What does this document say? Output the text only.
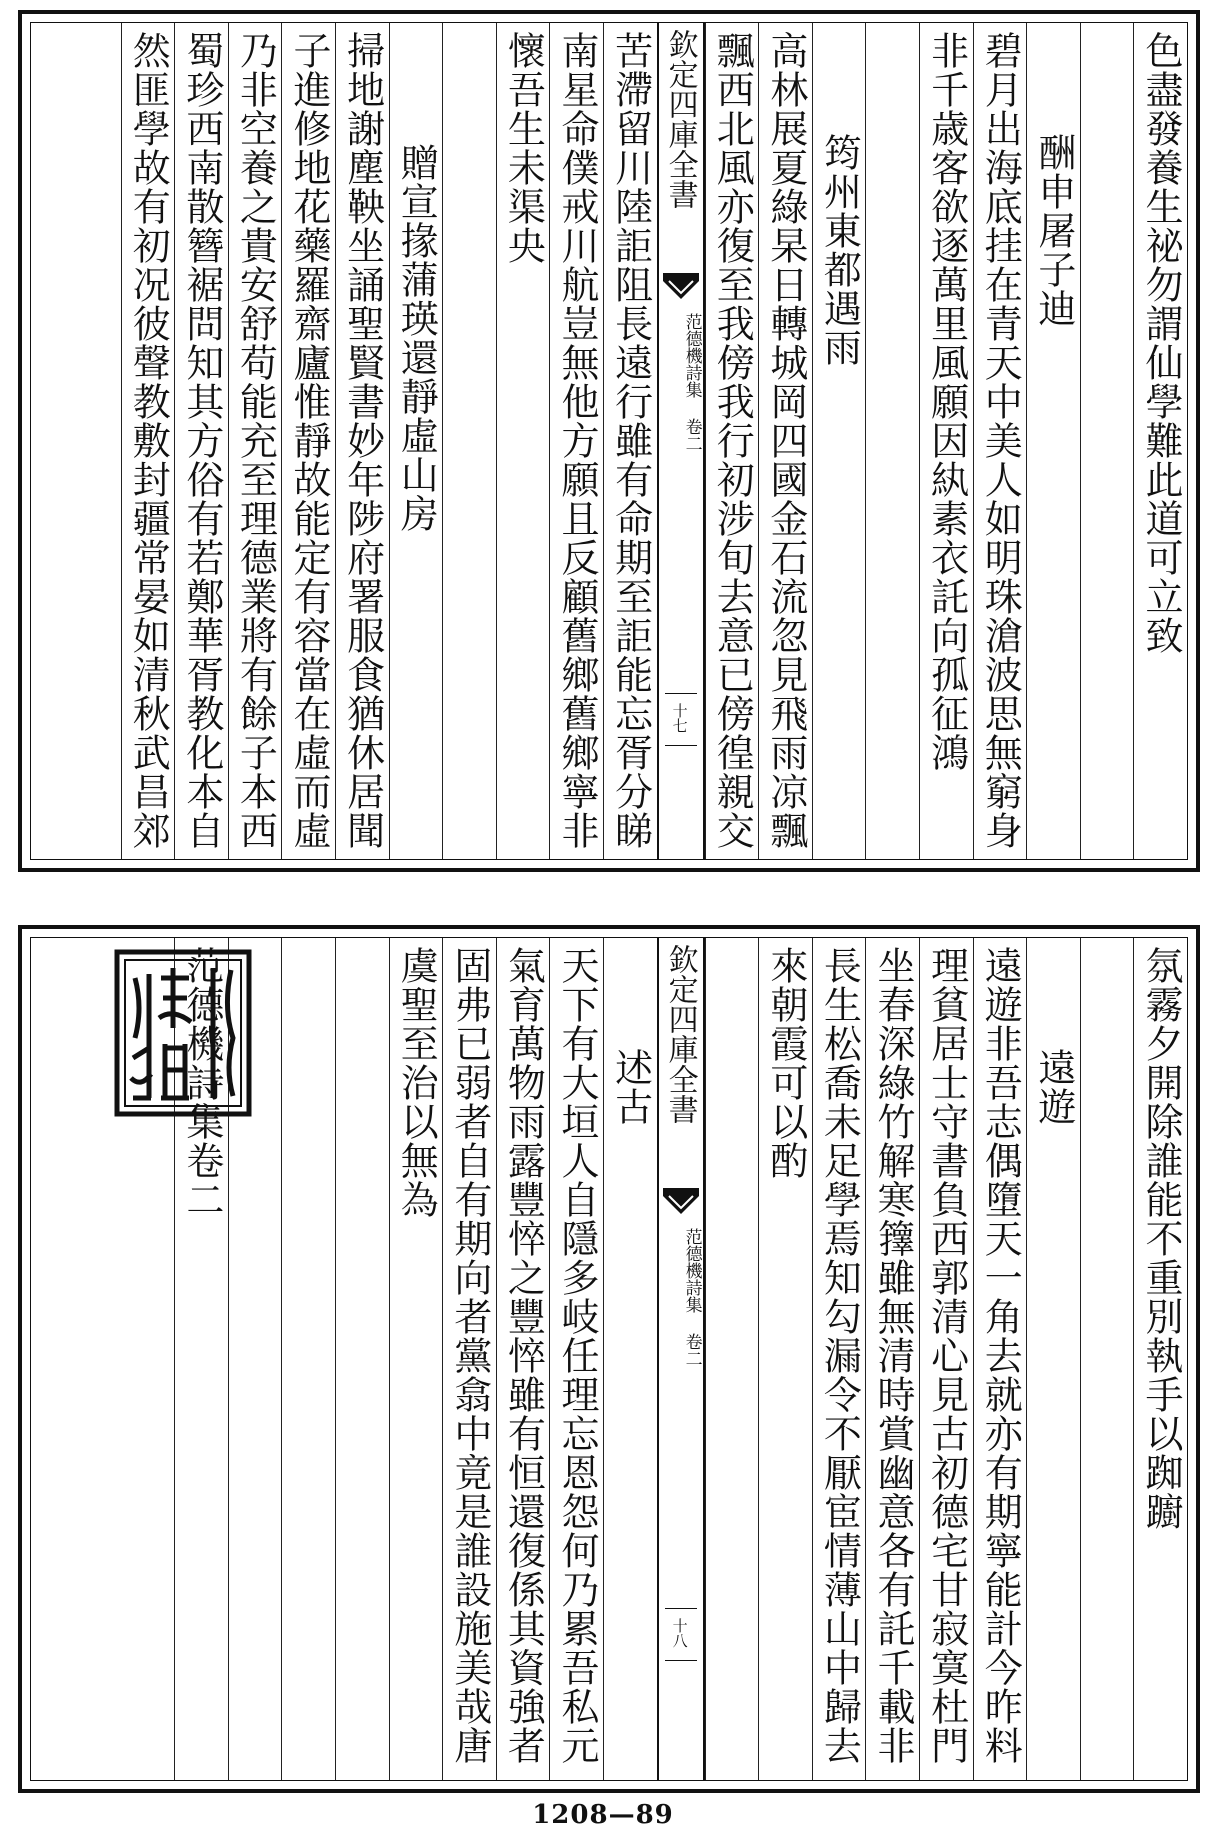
色盡發養生祕勿謂仙學難此道可立致
酬申屠子迪
碧月出海底挂在青天中美人如明珠滄波思無窮身
非千歳客欲逐萬里風願因紈素衣託向孤征鴻
筠州東都遇雨
高林展夏綠杲日轉城岡四國金石流忽見飛雨凉飄
飄西北風亦復至我傍我行初涉旬去意已傍徨親交
苦滯留川陸詎阻長遠行雖有命期至詎能忘胥分睇
南星命僕戒川航豈無他方願且反顧舊鄉舊鄉寧非
懷吾生未渠央
贈宣掾蒲瑛還靜虛山房
掃地謝塵鞅坐誦聖賢書妙年陟府署服食猶休居聞
子進修地花藥羅齋廬惟靜故能定有容當在虛而虛
乃非空養之貴安舒苟能充至理德業將有餘子本西
蜀珍西南散簪裾問知其方俗有若鄭華胥教化本自
然匪學故有初况彼聲教敷封疆常晏如清秋武昌郊	欽定四庫全書
范德機詩集 卷二
十七
氛霧夕開除誰能不重別執手以踟躕
遠遊
遠遊非吾志偶墮天一角去就亦有期寧能計今昨料
理貧居士守書負西郭清心見古初德宅甘寂寞杜門
坐春深綠竹解寒籜雖無清時賞幽意各有託千載非
長生松喬未足學焉知勾漏令不厭宦情薄山中歸去
來朝霞可以酌
述古
天下有大垣人自隱多岐任理忘恩怨何乃累吾私元
氣育萬物雨露豐悴之豐悴雖有恒還復係其資強者
固弗已弱者自有期向者黨翕中竟是誰設施美哉唐
虞聖至治以無為
范德機詩集卷二	欽定四庫全書
范德機詩集 卷二
十八
1208—89
